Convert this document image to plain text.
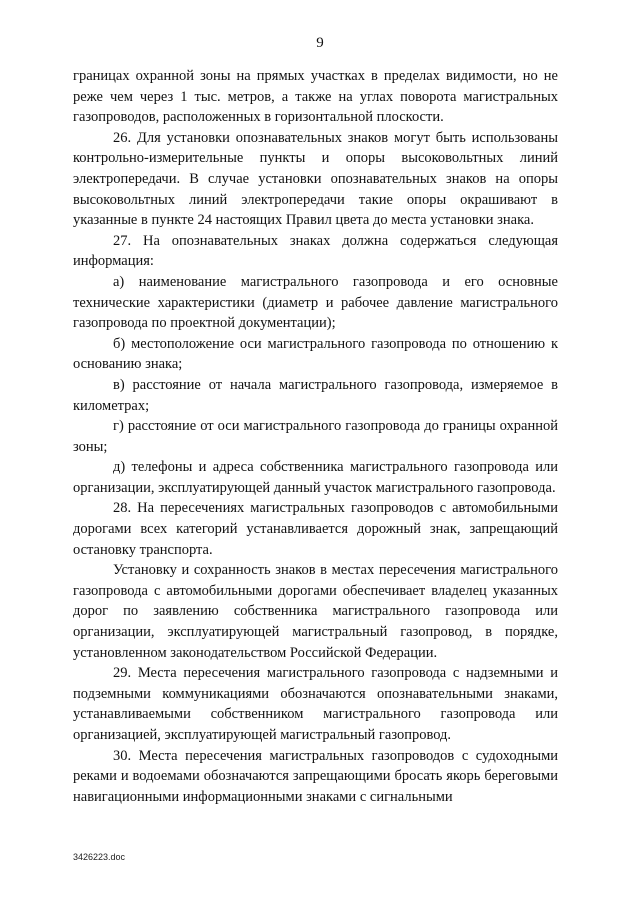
9

границах охранной зоны на прямых участках в пределах видимости, но не реже чем через 1 тыс. метров, а также на углах поворота магистральных газопроводов, расположенных в горизонтальной плоскости.

26. Для установки опознавательных знаков могут быть использованы контрольно-измерительные пункты и опоры высоковольтных линий электропередачи. В случае установки опознавательных знаков на опоры высоковольтных линий электропередачи такие опоры окрашивают в указанные в пункте 24 настоящих Правил цвета до места установки знака.

27. На опознавательных знаках должна содержаться следующая информация:

а) наименование магистрального газопровода и его основные технические характеристики (диаметр и рабочее давление магистрального газопровода по проектной документации);

б) местоположение оси магистрального газопровода по отношению к основанию знака;

в) расстояние от начала магистрального газопровода, измеряемое в километрах;

г) расстояние от оси магистрального газопровода до границы охранной зоны;

д) телефоны и адреса собственника магистрального газопровода или организации, эксплуатирующей данный участок магистрального газопровода.

28. На пересечениях магистральных газопроводов с автомобильными дорогами всех категорий устанавливается дорожный знак, запрещающий остановку транспорта.

Установку и сохранность знаков в местах пересечения магистрального газопровода с автомобильными дорогами обеспечивает владелец указанных дорог по заявлению собственника магистрального газопровода или организации, эксплуатирующей магистральный газопровод, в порядке, установленном законодательством Российской Федерации.

29. Места пересечения магистрального газопровода с надземными и подземными коммуникациями обозначаются опознавательными знаками, устанавливаемыми собственником магистрального газопровода или организацией, эксплуатирующей магистральный газопровод.

30. Места пересечения магистральных газопроводов с судоходными реками и водоемами обозначаются запрещающими бросать якорь береговыми навигационными информационными знаками с сигнальными

3426223.doc
